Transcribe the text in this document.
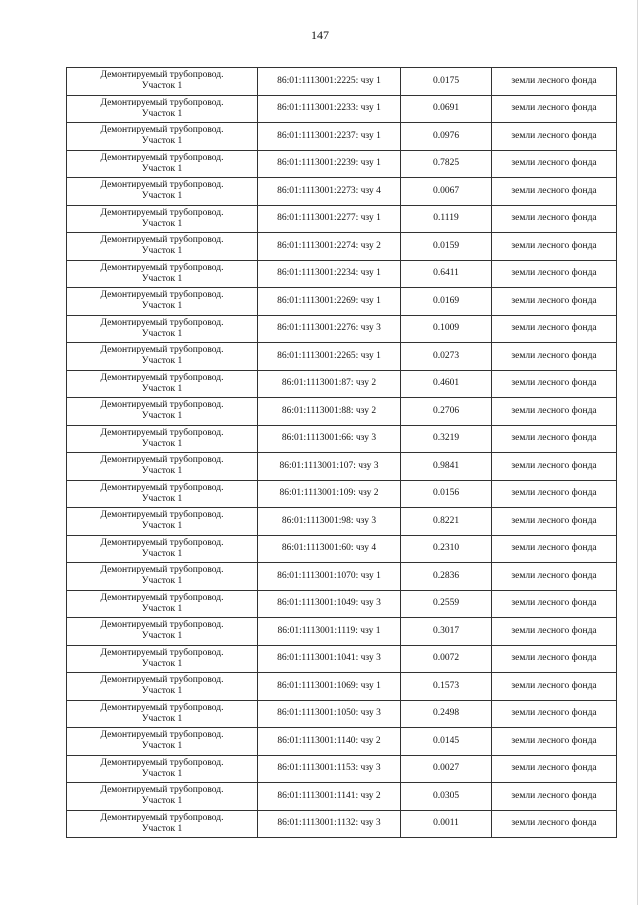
147
Демонтируемый трубопровод.
Участок 1	86:01:1113001:2225: чзу 1	0.0175	земли лесного фонда

Демонтируемый трубопровод.
Участок 1	86:01:1113001:2233: чзу 1	0.0691	земли лесного фонда

Демонтируемый трубопровод.
Участок 1	86:01:1113001:2237: чзу 1	0.0976	земли лесного фонда

Демонтируемый трубопровод.
Участок 1	86:01:1113001:2239: чзу 1	0.7825	земли лесного фонда

Демонтируемый трубопровод.
Участок 1	86:01:1113001:2273: чзу 4	0.0067	земли лесного фонда

Демонтируемый трубопровод.
Участок 1	86:01:1113001:2277: чзу 1	0.1119	земли лесного фонда

Демонтируемый трубопровод.
Участок 1	86:01:1113001:2274: чзу 2	0.0159	земли лесного фонда

Демонтируемый трубопровод.
Участок 1	86:01:1113001:2234: чзу 1	0.6411	земли лесного фонда

Демонтируемый трубопровод.
Участок 1	86:01:1113001:2269: чзу 1	0.0169	земли лесного фонда

Демонтируемый трубопровод.
Участок 1	86:01:1113001:2276: чзу 3	0.1009	земли лесного фонда

Демонтируемый трубопровод.
Участок 1	86:01:1113001:2265: чзу 1	0.0273	земли лесного фонда

Демонтируемый трубопровод.
Участок 1	86:01:1113001:87: чзу 2	0.4601	земли лесного фонда

Демонтируемый трубопровод.
Участок 1	86:01:1113001:88: чзу 2	0.2706	земли лесного фонда

Демонтируемый трубопровод.
Участок 1	86:01:1113001:66: чзу 3	0.3219	земли лесного фонда

Демонтируемый трубопровод.
Участок 1	86:01:1113001:107: чзу 3	0.9841	земли лесного фонда

Демонтируемый трубопровод.
Участок 1	86:01:1113001:109: чзу 2	0.0156	земли лесного фонда

Демонтируемый трубопровод.
Участок 1	86:01:1113001:98: чзу 3	0.8221	земли лесного фонда

Демонтируемый трубопровод.
Участок 1	86:01:1113001:60: чзу 4	0.2310	земли лесного фонда

Демонтируемый трубопровод.
Участок 1	86:01:1113001:1070: чзу 1	0.2836	земли лесного фонда

Демонтируемый трубопровод.
Участок 1	86:01:1113001:1049: чзу 3	0.2559	земли лесного фонда

Демонтируемый трубопровод.
Участок 1	86:01:1113001:1119: чзу 1	0.3017	земли лесного фонда

Демонтируемый трубопровод.
Участок 1	86:01:1113001:1041: чзу 3	0.0072	земли лесного фонда

Демонтируемый трубопровод.
Участок 1	86:01:1113001:1069: чзу 1	0.1573	земли лесного фонда

Демонтируемый трубопровод.
Участок 1	86:01:1113001:1050: чзу 3	0.2498	земли лесного фонда

Демонтируемый трубопровод.
Участок 1	86:01:1113001:1140: чзу 2	0.0145	земли лесного фонда

Демонтируемый трубопровод.
Участок 1	86:01:1113001:1153: чзу 3	0.0027	земли лесного фонда

Демонтируемый трубопровод.
Участок 1	86:01:1113001:1141: чзу 2	0.0305	земли лесного фонда

Демонтируемый трубопровод.
Участок 1	86:01:1113001:1132: чзу 3	0.0011	земли лесного фонда
